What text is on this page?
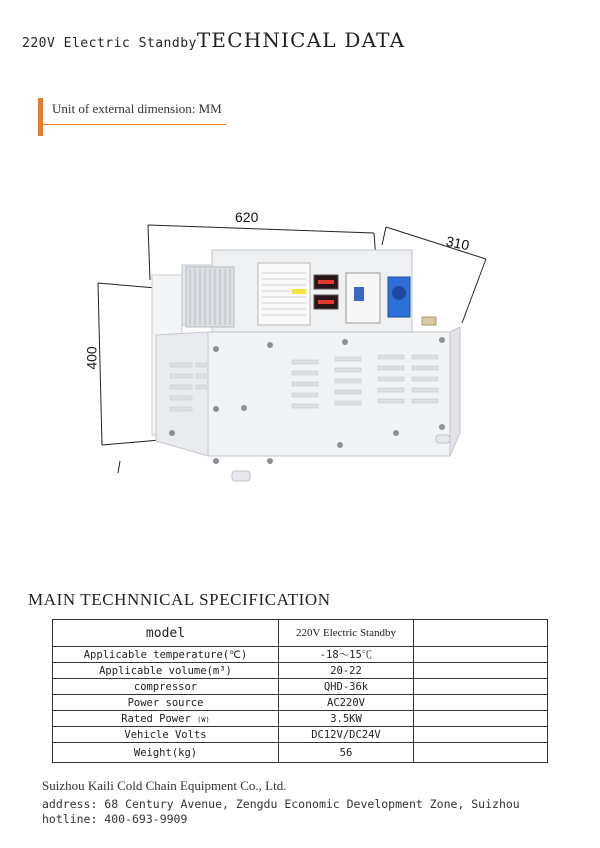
220V Electric StandbyTECHNICAL DATA
Unit of external dimension: MM
620
310
400
MAIN TECHNNICAL SPECIFICATION
model	220V Electric Standby	
Applicable temperature(℃)	-18～15℃	
Applicable volume(m³)	20-22	
compressor	QHD-36k	
Power source	AC220V	
Rated Power (W)	3.5KW	
Vehicle Volts	DC12V/DC24V	
Weight(kg)	56	
Suizhou Kaili Cold Chain Equipment Co., Ltd.
address: 68 Century Avenue, Zengdu Economic Development Zone, Suizhou
hotline: 400-693-9909
